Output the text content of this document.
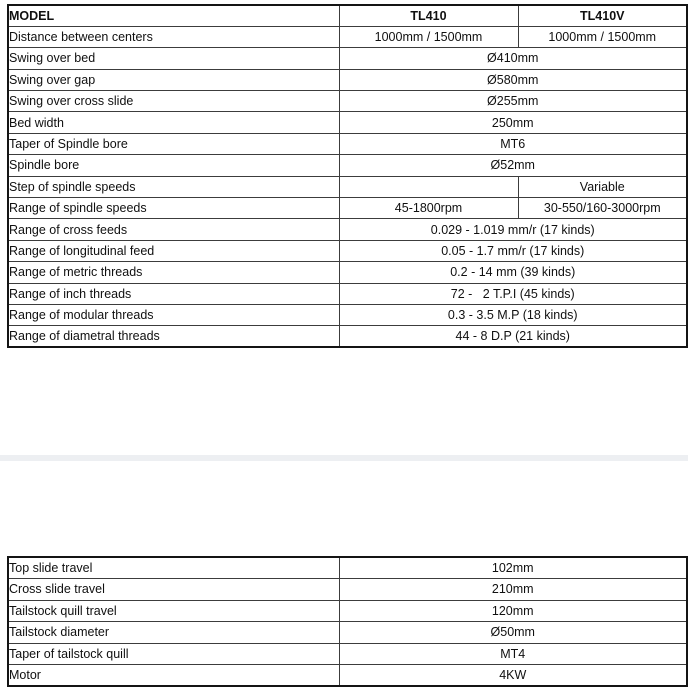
MODEL	TL410	TL410V
Distance between centers	1000mm / 1500mm	1000mm / 1500mm
Swing over bed	Ø410mm	
Swing over gap	Ø580mm	
Swing over cross slide	Ø255mm	
Bed width	250mm	
Taper of Spindle bore	MT6	
Spindle bore	Ø52mm	
Step of spindle speeds		Variable
Range of spindle speeds	45-1800rpm	30-550/160-3000rpm
Range of cross feeds	0.029 - 1.019 mm/r (17 kinds)	
Range of longitudinal feed	0.05 - 1.7 mm/r (17 kinds)	
Range of metric threads	0.2 - 14 mm (39 kinds)	
Range of inch threads	72 -   2 T.P.I (45 kinds)	
Range of modular threads	0.3 - 3.5 M.P (18 kinds)	
Range of diametral threads	44 - 8 D.P (21 kinds)	
Top slide travel	102mm
Cross slide travel	210mm
Tailstock quill travel	120mm
Tailstock diameter	Ø50mm
Taper of tailstock quill	MT4
Motor	4KW
